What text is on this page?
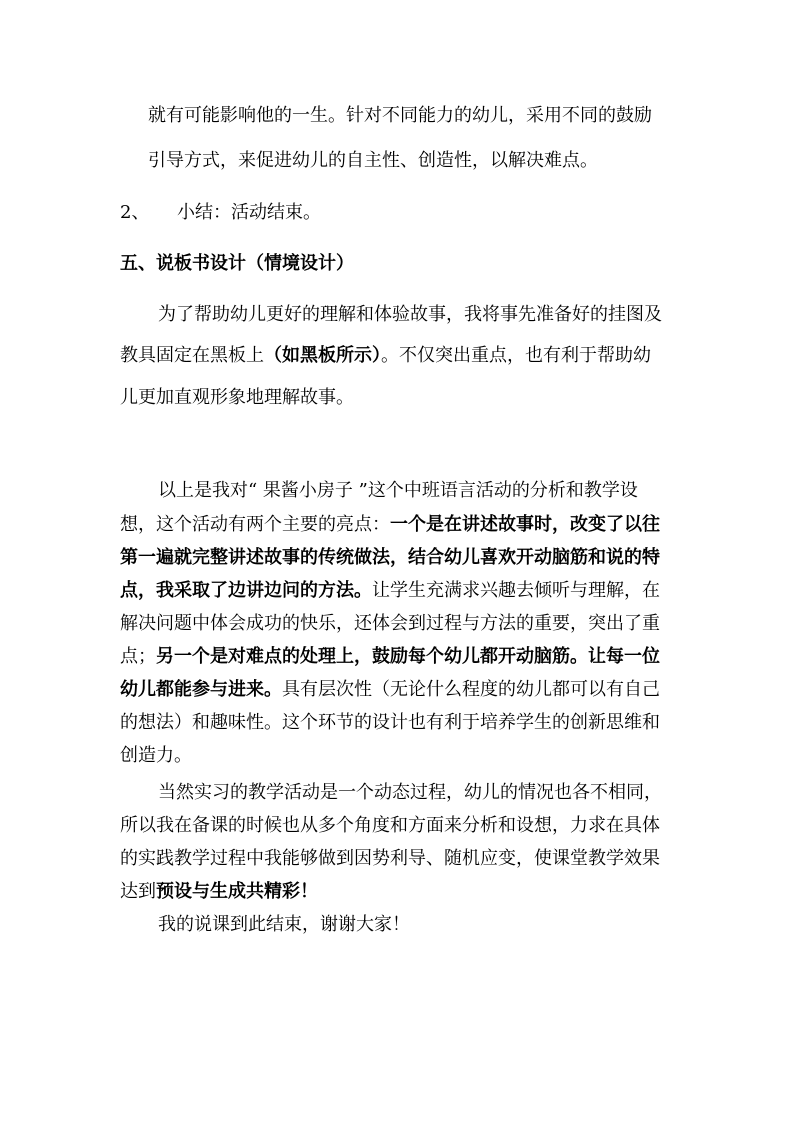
就有可能影响他的一生。针对不同能力的幼儿，采用不同的鼓励

引导方式，来促进幼儿的自主性、创造性，以解决难点。

2、 小结：活动结束。

五、说板书设计（情境设计）

为了帮助幼儿更好的理解和体验故事，我将事先准备好的挂图及

教具固定在黑板上（如黑板所示）。不仅突出重点，也有利于帮助幼

儿更加直观形象地理解故事。

以上是我对“ 果酱小房子 ”这个中班语言活动的分析和教学设

想，这个活动有两个主要的亮点：一个是在讲述故事时，改变了以往

第一遍就完整讲述故事的传统做法，结合幼儿喜欢开动脑筋和说的特

点，我采取了边讲边问的方法。让学生充满求兴趣去倾听与理解，在

解决问题中体会成功的快乐，还体会到过程与方法的重要，突出了重

点；另一个是对难点的处理上，鼓励每个幼儿都开动脑筋。让每一位

幼儿都能参与进来。具有层次性（无论什么程度的幼儿都可以有自己

的想法）和趣味性。这个环节的设计也有利于培养学生的创新思维和

创造力。

当然实习的教学活动是一个动态过程，幼儿的情况也各不相同，

所以我在备课的时候也从多个角度和方面来分析和设想，力求在具体

的实践教学过程中我能够做到因势利导、随机应变，使课堂教学效果

达到预设与生成共精彩！

我的说课到此结束，谢谢大家！
